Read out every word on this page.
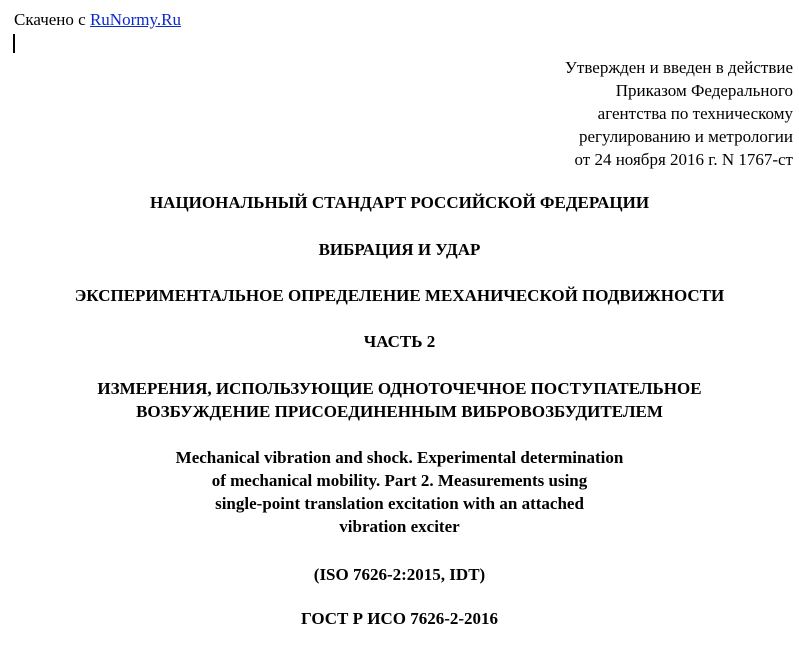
Скачено с RuNormy.Ru
Утвержден и введен в действие
Приказом Федерального
агентства по техническому
регулированию и метрологии
от 24 ноября 2016 г. N 1767-ст
НАЦИОНАЛЬНЫЙ СТАНДАРТ РОССИЙСКОЙ ФЕДЕРАЦИИ
ВИБРАЦИЯ И УДАР
ЭКСПЕРИМЕНТАЛЬНОЕ ОПРЕДЕЛЕНИЕ МЕХАНИЧЕСКОЙ ПОДВИЖНОСТИ
ЧАСТЬ 2
ИЗМЕРЕНИЯ, ИСПОЛЬЗУЮЩИЕ ОДНОТОЧЕЧНОЕ ПОСТУПАТЕЛЬНОЕ
ВОЗБУЖДЕНИЕ ПРИСОЕДИНЕННЫМ ВИБРОВОЗБУДИТЕЛЕМ
Mechanical vibration and shock. Experimental determination
of mechanical mobility. Part 2. Measurements using
single-point translation excitation with an attached
vibration exciter
(ISO 7626-2:2015, IDT)
ГОСТ Р ИСО 7626-2-2016
